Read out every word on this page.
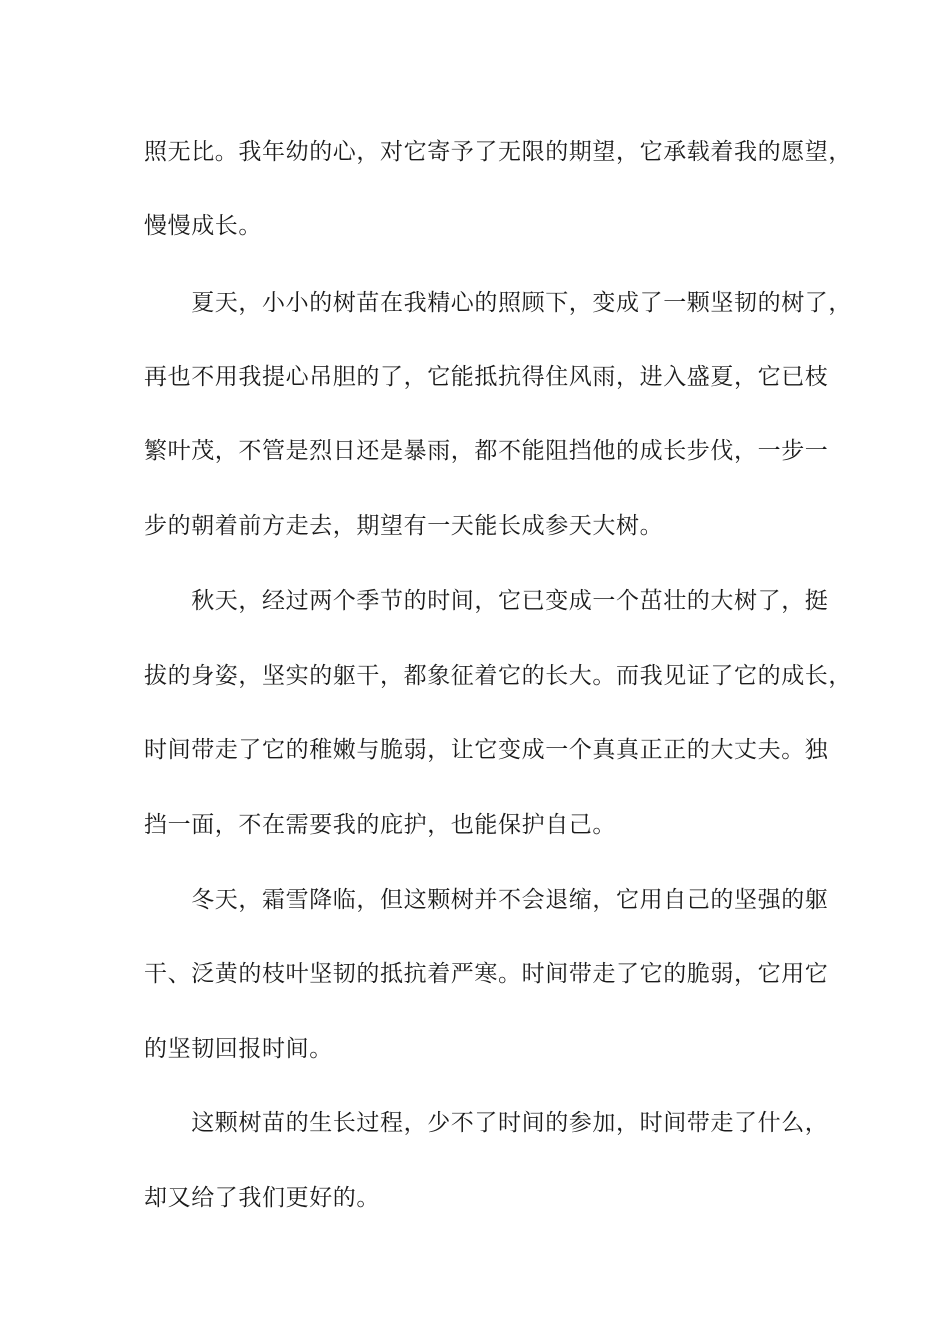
照无比。我年幼的心，对它寄予了无限的期望，它承载着我的愿望，
慢慢成长。
　　夏天，小小的树苗在我精心的照顾下，变成了一颗坚韧的树了，
再也不用我提心吊胆的了，它能抵抗得住风雨，进入盛夏，它已枝
繁叶茂，不管是烈日还是暴雨，都不能阻挡他的成长步伐，一步一
步的朝着前方走去，期望有一天能长成参天大树。
　　秋天，经过两个季节的时间，它已变成一个茁壮的大树了，挺
拔的身姿，坚实的躯干，都象征着它的长大。而我见证了它的成长，
时间带走了它的稚嫩与脆弱，让它变成一个真真正正的大丈夫。独
挡一面，不在需要我的庇护，也能保护自己。
　　冬天，霜雪降临，但这颗树并不会退缩，它用自己的坚强的躯
干、泛黄的枝叶坚韧的抵抗着严寒。时间带走了它的脆弱，它用它
的坚韧回报时间。
　　这颗树苗的生长过程，少不了时间的参加，时间带走了什么，
却又给了我们更好的。
